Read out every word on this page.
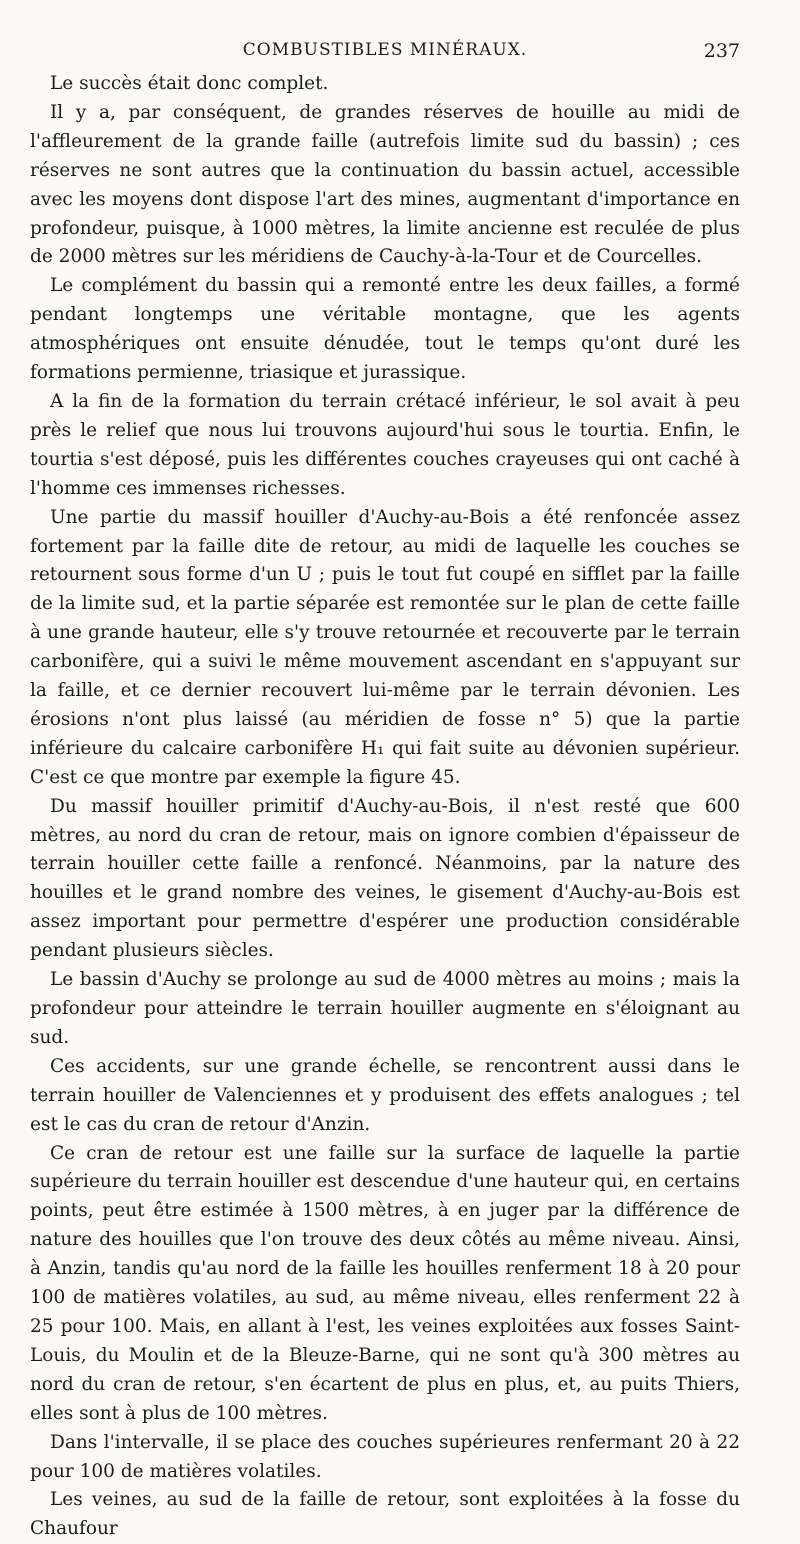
COMBUSTIBLES MINÉRAUX.	237

Le succès était donc complet.

Il y a, par conséquent, de grandes réserves de houille au midi de l'affleurement de la grande faille (autrefois limite sud du bassin) ; ces réserves ne sont autres que la continuation du bassin actuel, accessible avec les moyens dont dispose l'art des mines, augmentant d'importance en profondeur, puisque, à 1000 mètres, la limite ancienne est reculée de plus de 2000 mètres sur les méridiens de Cauchy-à-la-Tour et de Courcelles.

Le complément du bassin qui a remonté entre les deux failles, a formé pendant longtemps une véritable montagne, que les agents atmosphériques ont ensuite dénudée, tout le temps qu'ont duré les formations permienne, triasique et jurassique.

A la fin de la formation du terrain crétacé inférieur, le sol avait à peu près le relief que nous lui trouvons aujourd'hui sous le tourtia. Enfin, le tourtia s'est déposé, puis les différentes couches crayeuses qui ont caché à l'homme ces immenses richesses.

Une partie du massif houiller d'Auchy-au-Bois a été renfoncée assez fortement par la faille dite de retour, au midi de laquelle les couches se retournent sous forme d'un U ; puis le tout fut coupé en sifflet par la faille de la limite sud, et la partie séparée est remontée sur le plan de cette faille à une grande hauteur, elle s'y trouve retournée et recouverte par le terrain carbonifère, qui a suivi le même mouvement ascendant en s'appuyant sur la faille, et ce dernier recouvert lui-même par le terrain dévonien. Les érosions n'ont plus laissé (au méridien de fosse n° 5) que la partie inférieure du calcaire carbonifère H₁ qui fait suite au dévonien supérieur. C'est ce que montre par exemple la figure 45.

Du massif houiller primitif d'Auchy-au-Bois, il n'est resté que 600 mètres, au nord du cran de retour, mais on ignore combien d'épaisseur de terrain houiller cette faille a renfoncé. Néanmoins, par la nature des houilles et le grand nombre des veines, le gisement d'Auchy-au-Bois est assez important pour permettre d'espérer une production considérable pendant plusieurs siècles.

Le bassin d'Auchy se prolonge au sud de 4000 mètres au moins ; mais la profondeur pour atteindre le terrain houiller augmente en s'éloignant au sud.

Ces accidents, sur une grande échelle, se rencontrent aussi dans le terrain houiller de Valenciennes et y produisent des effets analogues ; tel est le cas du cran de retour d'Anzin.

Ce cran de retour est une faille sur la surface de laquelle la partie supérieure du terrain houiller est descendue d'une hauteur qui, en certains points, peut être estimée à 1500 mètres, à en juger par la différence de nature des houilles que l'on trouve des deux côtés au même niveau. Ainsi, à Anzin, tandis qu'au nord de la faille les houilles renferment 18 à 20 pour 100 de matières volatiles, au sud, au même niveau, elles renferment 22 à 25 pour 100. Mais, en allant à l'est, les veines exploitées aux fosses Saint-Louis, du Moulin et de la Bleuze-Barne, qui ne sont qu'à 300 mètres au nord du cran de retour, s'en écartent de plus en plus, et, au puits Thiers, elles sont à plus de 100 mètres.

Dans l'intervalle, il se place des couches supérieures renfermant 20 à 22 pour 100 de matières volatiles.

Les veines, au sud de la faille de retour, sont exploitées à la fosse du Chaufour
